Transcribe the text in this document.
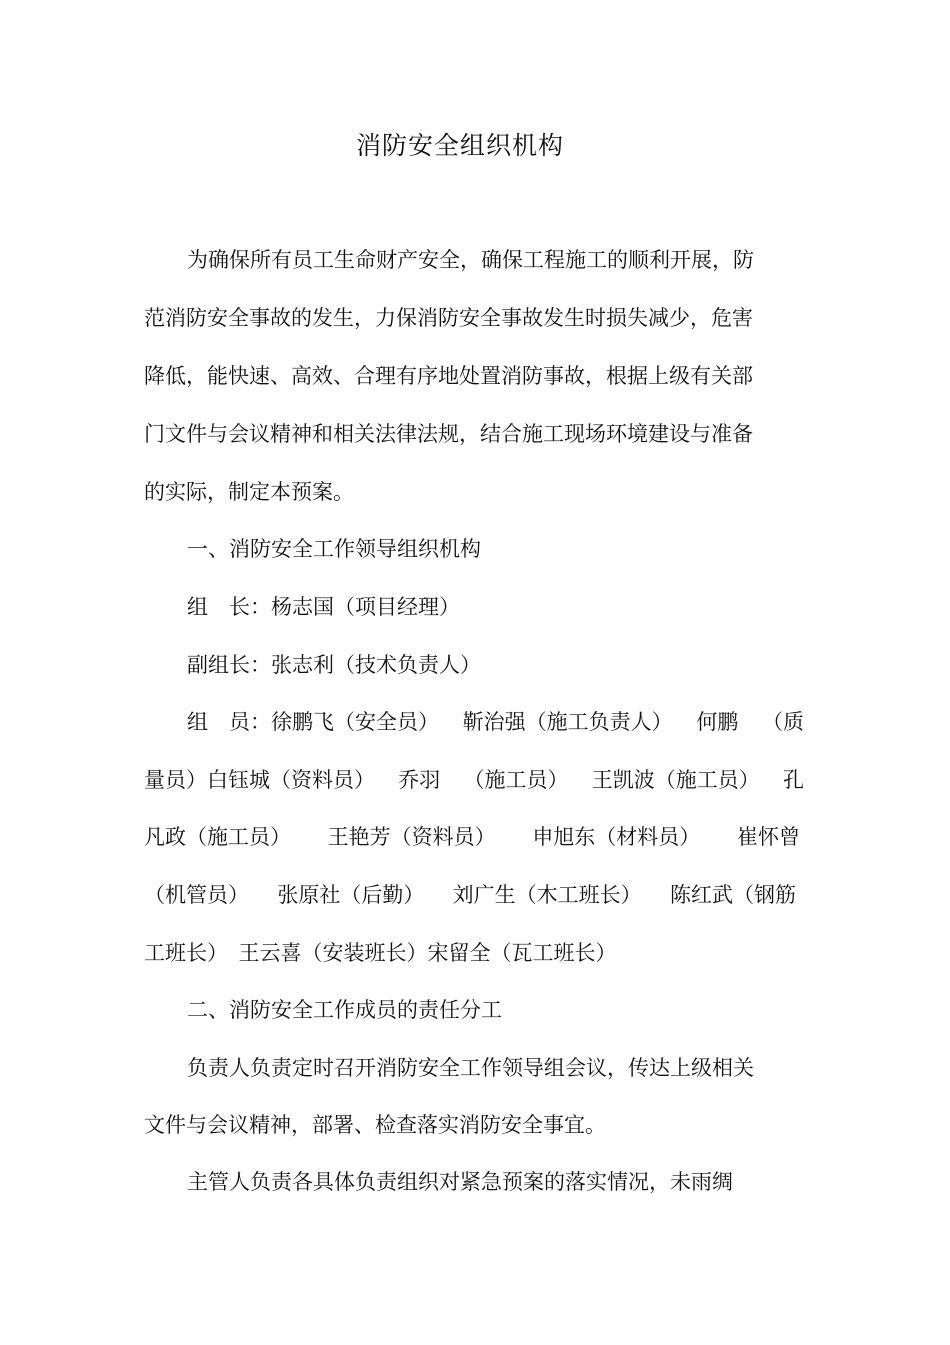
消防安全组织机构
为确保所有员工生命财产安全，确保工程施工的顺利开展，防
范消防安全事故的发生，力保消防安全事故发生时损失减少，危害
降低，能快速、高效、合理有序地处置消防事故，根据上级有关部
门文件与会议精神和相关法律法规，结合施工现场环境建设与准备
的实际，制定本预案。
一、消防安全工作领导组织机构
组　长：杨志国（项目经理）
副组长：张志利（技术负责人）
组　员：徐鹏飞（安全员） 靳治强（施工负责人） 何鹏 （质
量员）白钰城（资料员） 乔羽 （施工员） 王凯波（施工员） 孔
凡政（施工员） 王艳芳（资料员） 申旭东（材料员） 崔怀曾
（机管员） 张原社（后勤） 刘广生（木工班长） 陈红武（钢筋
工班长）　王云喜（安装班长）宋留全（瓦工班长）
二、消防安全工作成员的责任分工
负责人负责定时召开消防安全工作领导组会议，传达上级相关
文件与会议精神，部署、检查落实消防安全事宜。
主管人负责各具体负责组织对紧急预案的落实情况，未雨绸
